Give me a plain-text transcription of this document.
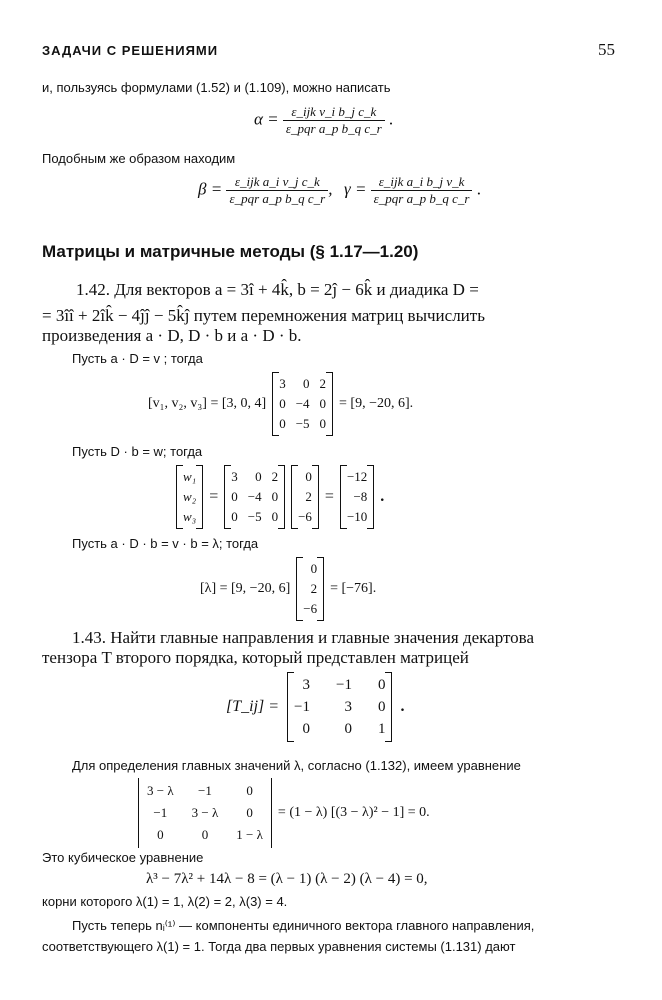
ЗАДАЧИ С РЕШЕНИЯМИ	55
и, пользуясь формулами (1.52) и (1.109), можно написать
$\alpha = \frac{\text{ε\_ijk v\_i b\_j c\_k}}{\text{ε\_pqr a\_p b\_q c\_r}}$ .
Подобным же образом находим
$\beta = \frac{\text{ε\_ijk a\_i v\_j c\_k}}{\text{ε\_pqr a\_p b\_q c\_r}}$ , $\gamma = \frac{\text{ε\_ijk a\_i b\_j v\_k}}{\text{ε\_pqr a\_p b\_q c\_r}}$ .
Матрицы и матричные методы (§ 1.17—1.20)
1.42. Для векторов a = 3î + 4k̂, b = 2ĵ − 6k̂ и диадика D =
= 3îî + 2îk̂ − 4ĵĵ − 5k̂ĵ путем перемножения матриц вычислить
произведения a · D, D · b и a · D · b.
Пусть a · D = v ; тогда
[v₁, v₂, v₃] = [3, 0, 4]
3	0 2
0 −4 0
0 −5 0
= [9, −20, 6].
Пусть D · b = w; тогда
w₁
w₂
w₃
=
3	0 2
0 −4 0
0 −5 0
0
2
−6
=
−12
−8
−10
.
Пусть a · D · b = v · b = λ; тогда
[λ] = [9, −20, 6]
0
2
−6
= [−76].
1.43. Найти главные направления и главные значения декартова
тензора T второго порядка, который представлен матрицей
[T_ij] =
3 −1 0
−1	3 0
0	0 1
.
Для определения главных значений λ, согласно (1.132), имеем уравнение
3 − λ	−1	0
−1	3 − λ	0
0	0	1 − λ
= (1 − λ) [(3 − λ)² − 1] = 0.
Это кубическое уравнение
λ³ − 7λ² + 14λ − 8 = (λ − 1) (λ − 2) (λ − 4) = 0,
корни которого λ(1) = 1, λ(2) = 2, λ(3) = 4.
Пусть теперь nᵢ⁽¹⁾ — компоненты единичного вектора главного направления,
соответствующего λ(1) = 1. Тогда два первых уравнения системы (1.131) дают
